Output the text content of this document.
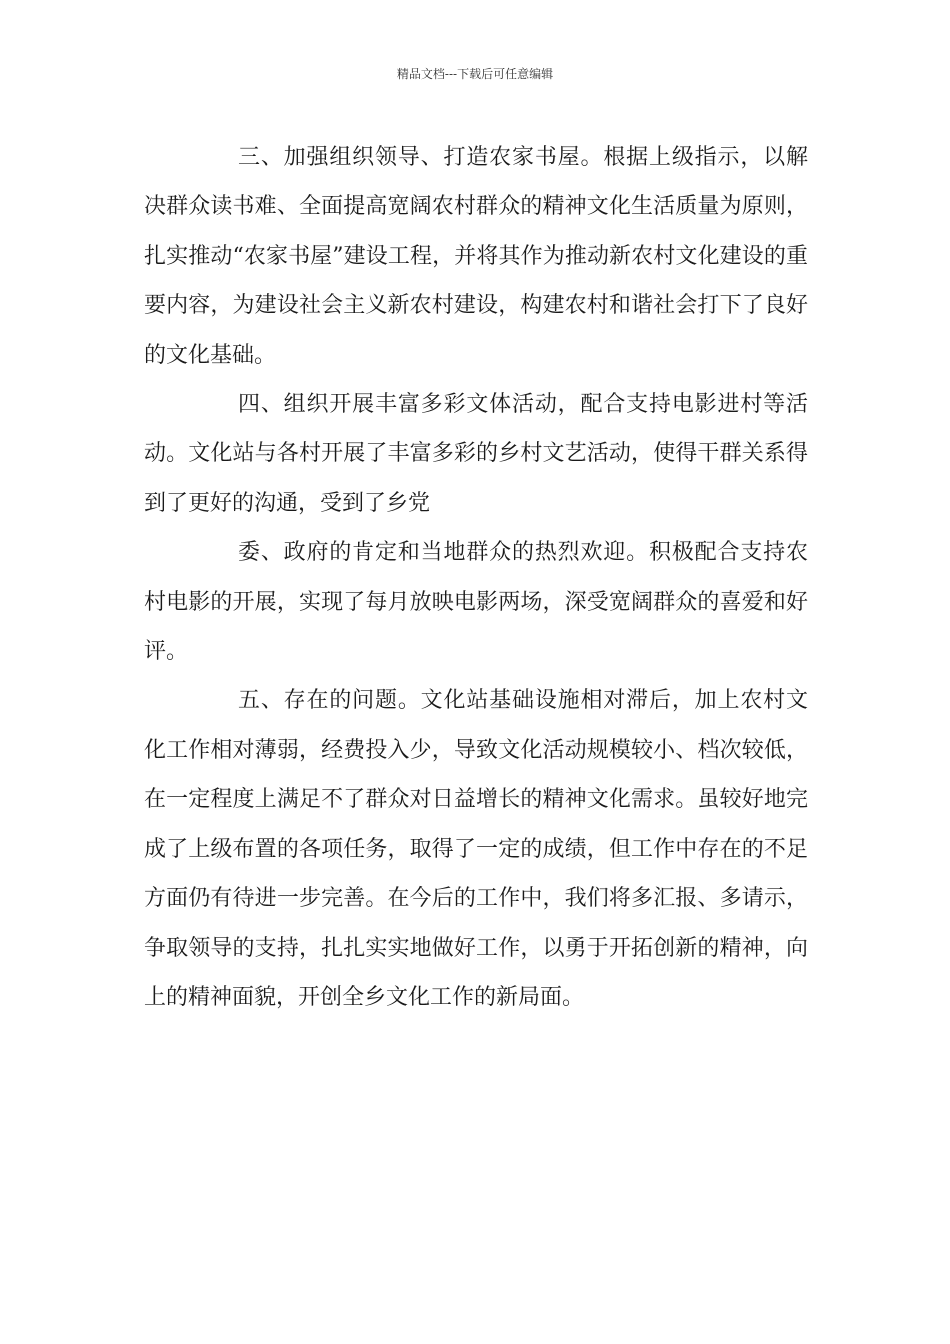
精品文档---下载后可任意编辑

三、加强组织领导、打造农家书屋。根据上级指示，以解决群众读书难、全面提高宽阔农村群众的精神文化生活质量为原则，扎实推动“农家书屋”建设工程，并将其作为推动新农村文化建设的重要内容，为建设社会主义新农村建设，构建农村和谐社会打下了良好的文化基础。

四、组织开展丰富多彩文体活动，配合支持电影进村等活动。文化站与各村开展了丰富多彩的乡村文艺活动，使得干群关系得到了更好的沟通，受到了乡党

委、政府的肯定和当地群众的热烈欢迎。积极配合支持农村电影的开展，实现了每月放映电影两场，深受宽阔群众的喜爱和好评。

五、存在的问题。文化站基础设施相对滞后，加上农村文化工作相对薄弱，经费投入少，导致文化活动规模较小、档次较低，在一定程度上满足不了群众对日益增长的精神文化需求。虽较好地完成了上级布置的各项任务，取得了一定的成绩，但工作中存在的不足方面仍有待进一步完善。在今后的工作中，我们将多汇报、多请示，争取领导的支持，扎扎实实地做好工作，以勇于开拓创新的精神，向上的精神面貌，开创全乡文化工作的新局面。
